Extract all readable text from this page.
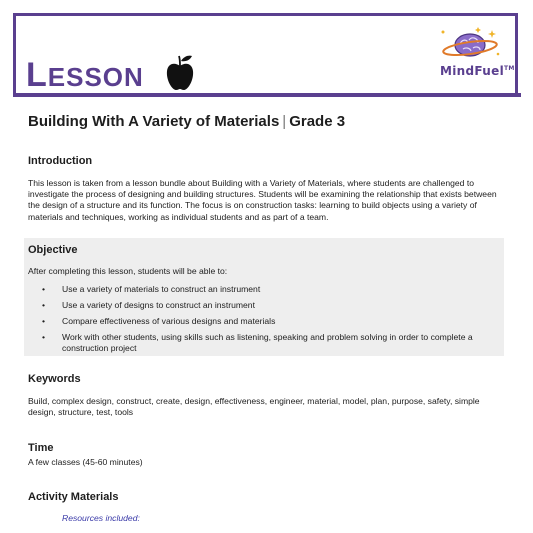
LESSON	MindFuel™
Building With A Variety of Materials | Grade 3
Introduction
This lesson is taken from a lesson bundle about Building with a Variety of Materials, where students are challenged to investigate the process of designing and building structures. Students will be examining the relationship that exists between the design of a structure and its function. The focus is on construction tasks: learning to build objects using a variety of materials and techniques, working as individual students and as part of a team.
Objective
After completing this lesson, students will be able to:
• Use a variety of materials to construct an instrument
• Use a variety of designs to construct an instrument
• Compare effectiveness of various designs and materials
• Work with other students, using skills such as listening, speaking and problem solving in order to complete a construction project
Keywords
Build, complex design, construct, create, design, effectiveness, engineer, material, model, plan, purpose, safety, simple design, structure, test, tools
Time
A few classes (45-60 minutes)
Activity Materials
Resources included:
